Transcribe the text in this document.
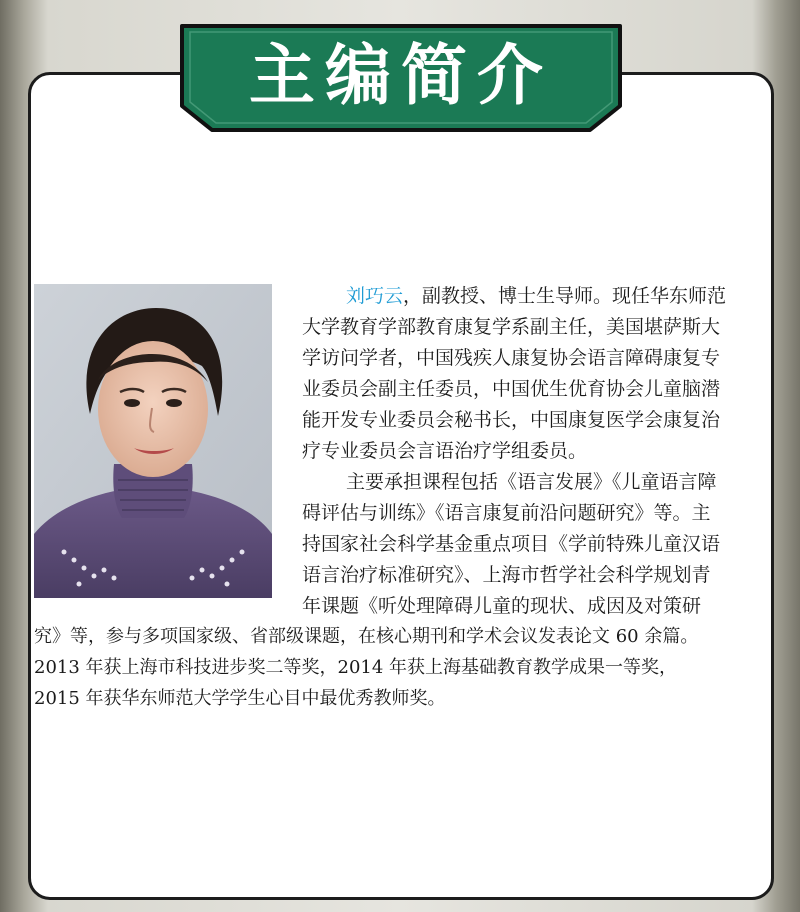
主编简介
刘巧云，副教授、博士生导师。现任华东师范
大学教育学部教育康复学系副主任，美国堪萨斯大
学访问学者，中国残疾人康复协会语言障碍康复专
业委员会副主任委员，中国优生优育协会儿童脑潜
能开发专业委员会秘书长，中国康复医学会康复治
疗专业委员会言语治疗学组委员。
主要承担课程包括《语言发展》《儿童语言障
碍评估与训练》《语言康复前沿问题研究》等。主
持国家社会科学基金重点项目《学前特殊儿童汉语
语言治疗标准研究》、上海市哲学社会科学规划青
年课题《听处理障碍儿童的现状、成因及对策研
究》等，参与多项国家级、省部级课题，在核心期刊和学术会议发表论文 60 余篇。
2013 年获上海市科技进步奖二等奖，2014 年获上海基础教育教学成果一等奖，
2015 年获华东师范大学学生心目中最优秀教师奖。
